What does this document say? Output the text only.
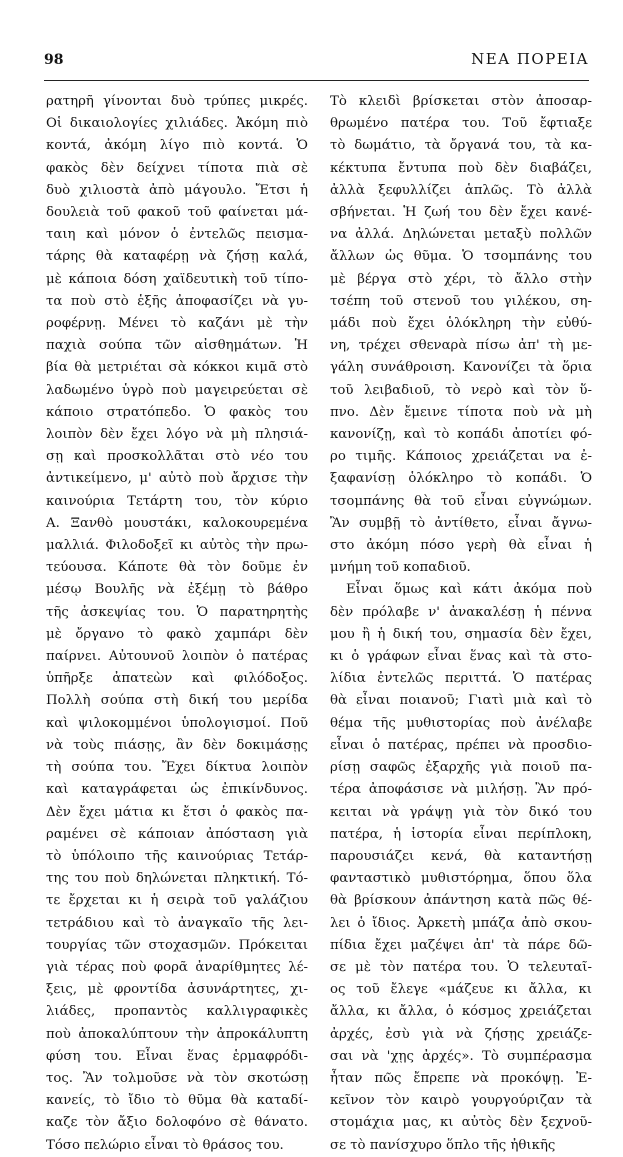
98	ΝΕΑ ΠΟΡΕΙΑ
ρατηρῆ γίνονται δυὸ τρύπες μικρές.
Οἱ δικαιολογίες χιλιάδες. Ἀκόμη πιὸ
κοντά, ἀκόμη λίγο πιὸ κοντά. Ὁ
φακὸς δὲν δείχνει τίποτα πιὰ σὲ
δυὸ χιλιοστὰ ἀπὸ μάγουλο. Ἔτσι ἡ
δουλειὰ τοῦ φακοῦ τοῦ φαίνεται μά-
ταιη καὶ μόνον ὁ ἐντελῶς πεισμα-
τάρης θὰ καταφέρῃ νὰ ζήσῃ καλά,
μὲ κάποια δόση χαϊδευτικὴ τοῦ τίπο-
τα ποὺ στὸ ἑξῆς ἀποφασίζει νὰ γυ-
ροφέρνῃ. Μένει τὸ καζάνι μὲ τὴν
παχιὰ σούπα τῶν αἰσθημάτων. Ἡ
βία θὰ μετριέται σὰ κόκκοι κιμᾶ στὸ
λαδωμένο ὑγρὸ ποὺ μαγειρεύεται σὲ
κάποιο στρατόπεδο. Ὁ φακὸς του
λοιπὸν δὲν ἔχει λόγο νὰ μὴ πλησιά-
σῃ καὶ προσκολλᾶται στὸ νέο του
ἀντικείμενο, μ' αὐτὸ ποὺ ἄρχισε τὴν
καινούρια Τετάρτη του, τὸν κύριο
Α. Ξανθὸ μουστάκι, καλοκουρεμένα
μαλλιά. Φιλοδοξεῖ κι αὐτὸς τὴν πρω-
τεύουσα. Κάποτε θὰ τὸν δοῦμε ἐν
μέσῳ Βουλῆς νὰ ἐξέμῃ τὸ βάθρο
τῆς ἀσκεψίας του. Ὁ παρατηρητὴς
μὲ ὄργανο τὸ φακὸ χαμπάρι δὲν
παίρνει. Αὐτουνοῦ λοιπὸν ὁ πατέρας
ὑπῆρξε ἀπατεὼν καὶ φιλόδοξος.
Πολλὴ σούπα στὴ δική του μερίδα
καὶ ψιλοκομμένοι ὑπολογισμοί. Ποῦ
νὰ τοὺς πιάσῃς, ἂν δὲν δοκιμάσῃς
τὴ σούπα του. Ἔχει δίκτυα λοιπὸν
καὶ καταγράφεται ὡς ἐπικίνδυνος.
Δὲν ἔχει μάτια κι ἔτσι ὁ φακὸς πα-
ραμένει σὲ κάποιαν ἀπόσταση γιὰ
τὸ ὑπόλοιπο τῆς καινούριας Τετάρ-
της του ποὺ δηλώνεται πληκτική. Τό-
τε ἔρχεται κι ἡ σειρὰ τοῦ γαλάζιου
τετράδιου καὶ τὸ ἀναγκαῖο τῆς λει-
τουργίας τῶν στοχασμῶν. Πρόκειται
γιὰ τέρας ποὺ φορᾶ ἀναρίθμητες λέ-
ξεις, μὲ φροντίδα ἀσυνάρτητες, χι-
λιάδες, προπαντὸς καλλιγραφικὲς
ποὺ ἀποκαλύπτουν τὴν ἀπροκάλυπτη
φύση του. Εἶναι ἕνας ἑρμαφρόδι-
τος. Ἂν τολμοῦσε νὰ τὸν σκοτώσῃ
κανείς, τὸ ἴδιο τὸ θῦμα θὰ καταδί-
καζε τὸν ἄξιο δολοφόνο σὲ θάνατο.
Τόσο πελώριο εἶναι τὸ θράσος του.
Τὸ κλειδὶ βρίσκεται στὸν ἀποσαρ-
θρωμένο πατέρα του. Τοῦ ἔφτιαξε
τὸ δωμάτιο, τὰ ὄργανά του, τὰ κα-
κέκτυπα ἔντυπα ποὺ δὲν διαβάζει,
ἀλλὰ ξεφυλλίζει ἁπλῶς. Τὸ ἀλλὰ
σβήνεται. Ἡ ζωή του δὲν ἔχει κανέ-
να ἀλλά. Δηλώνεται μεταξὺ πολλῶν
ἄλλων ὡς θῦμα. Ὁ τσομπάνης του
μὲ βέργα στὸ χέρι, τὸ ἄλλο στὴν
τσέπη τοῦ στενοῦ του γιλέκου, ση-
μάδι ποὺ ἔχει ὁλόκληρη τὴν εὐθύ-
νη, τρέχει σθεναρὰ πίσω ἀπ' τὴ με-
γάλη συνάθροιση. Κανονίζει τὰ ὅρια
τοῦ λειβαδιοῦ, τὸ νερὸ καὶ τὸν ὕ-
πνο. Δὲν ἔμεινε τίποτα ποὺ νὰ μὴ
κανονίζῃ, καὶ τὸ κοπάδι ἀποτίει φό-
ρο τιμῆς. Κάποιος χρειάζεται να ἐ-
ξαφανίσῃ ὁλόκληρο τὸ κοπάδι. Ὁ
τσομπάνης θὰ τοῦ εἶναι εὐγνώμων.
Ἂν συμβῇ τὸ ἀντίθετο, εἶναι ἄγνω-
στο ἀκόμη πόσο γερὴ θὰ εἶναι ἡ
μνήμη τοῦ κοπαδιοῦ.
Εἶναι ὅμως καὶ κάτι ἀκόμα ποὺ
δὲν πρόλαβε ν' ἀνακαλέσῃ ἡ πέννα
μου ἢ ἡ δική του, σημασία δὲν ἔχει,
κι ὁ γράφων εἶναι ἕνας καὶ τὰ στο-
λίδια ἐντελῶς περιττά. Ὁ πατέρας
θὰ εἶναι ποιανοῦ; Γιατὶ μιὰ καὶ τὸ
θέμα τῆς μυθιστορίας ποὺ ἀνέλαβε
εἶναι ὁ πατέρας, πρέπει νὰ προσδιο-
ρίσῃ σαφῶς ἐξαρχῆς γιὰ ποιοῦ πα-
τέρα ἀποφάσισε νὰ μιλήσῃ. Ἂν πρό-
κειται νὰ γράψῃ γιὰ τὸν δικό του
πατέρα, ἡ ἱστορία εἶναι περίπλοκη,
παρουσιάζει κενά, θὰ καταντήσῃ
φανταστικὸ μυθιστόρημα, ὅπου ὅλα
θὰ βρίσκουν ἀπάντηση κατὰ πῶς θέ-
λει ὁ ἴδιος. Ἀρκετὴ μπάζα ἀπὸ σκου-
πίδια ἔχει μαζέψει ἀπ' τὰ πάρε δῶ-
σε μὲ τὸν πατέρα του. Ὁ τελευταῖ-
ος τοῦ ἔλεγε «μάζευε κι ἄλλα, κι
ἄλλα, κι ἄλλα, ὁ κόσμος χρειάζεται
ἀρχές, ἐσὺ γιὰ νὰ ζήσῃς χρειάζε-
σαι νὰ 'χῃς ἀρχές». Τὸ συμπέρασμα
ἦταν πῶς ἔπρεπε νὰ προκόψῃ. Ἐ-
κεῖνον τὸν καιρὸ γουργούριζαν τὰ
στομάχια μας, κι αὐτὸς δὲν ξεχνοῦ-
σε τὸ πανίσχυρο ὅπλο τῆς ἠθικῆς
